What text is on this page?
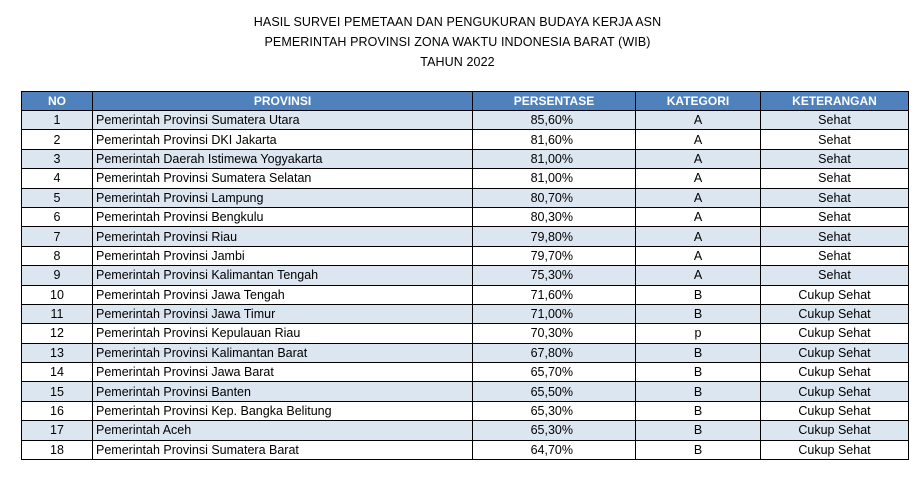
HASIL SURVEI PEMETAAN DAN PENGUKURAN BUDAYA KERJA ASN
PEMERINTAH PROVINSI ZONA WAKTU INDONESIA BARAT (WIB)
TAHUN 2022
NO	PROVINSI	PERSENTASE	KATEGORI	KETERANGAN
1	Pemerintah Provinsi Sumatera Utara	85,60%	A	Sehat
2	Pemerintah Provinsi DKI Jakarta	81,60%	A	Sehat
3	Pemerintah Daerah Istimewa Yogyakarta	81,00%	A	Sehat
4	Pemerintah Provinsi Sumatera Selatan	81,00%	A	Sehat
5	Pemerintah Provinsi Lampung	80,70%	A	Sehat
6	Pemerintah Provinsi Bengkulu	80,30%	A	Sehat
7	Pemerintah Provinsi Riau	79,80%	A	Sehat
8	Pemerintah Provinsi Jambi	79,70%	A	Sehat
9	Pemerintah Provinsi Kalimantan Tengah	75,30%	A	Sehat
10	Pemerintah Provinsi Jawa Tengah	71,60%	B	Cukup Sehat
11	Pemerintah Provinsi Jawa Timur	71,00%	B	Cukup Sehat
12	Pemerintah Provinsi Kepulauan Riau	70,30%	p	Cukup Sehat
13	Pemerintah Provinsi Kalimantan Barat	67,80%	B	Cukup Sehat
14	Pemerintah Provinsi Jawa Barat	65,70%	B	Cukup Sehat
15	Pemerintah Provinsi Banten	65,50%	B	Cukup Sehat
16	Pemerintah Provinsi Kep. Bangka Belitung	65,30%	B	Cukup Sehat
17	Pemerintah Aceh	65,30%	B	Cukup Sehat
18	Pemerintah Provinsi Sumatera Barat	64,70%	B	Cukup Sehat
